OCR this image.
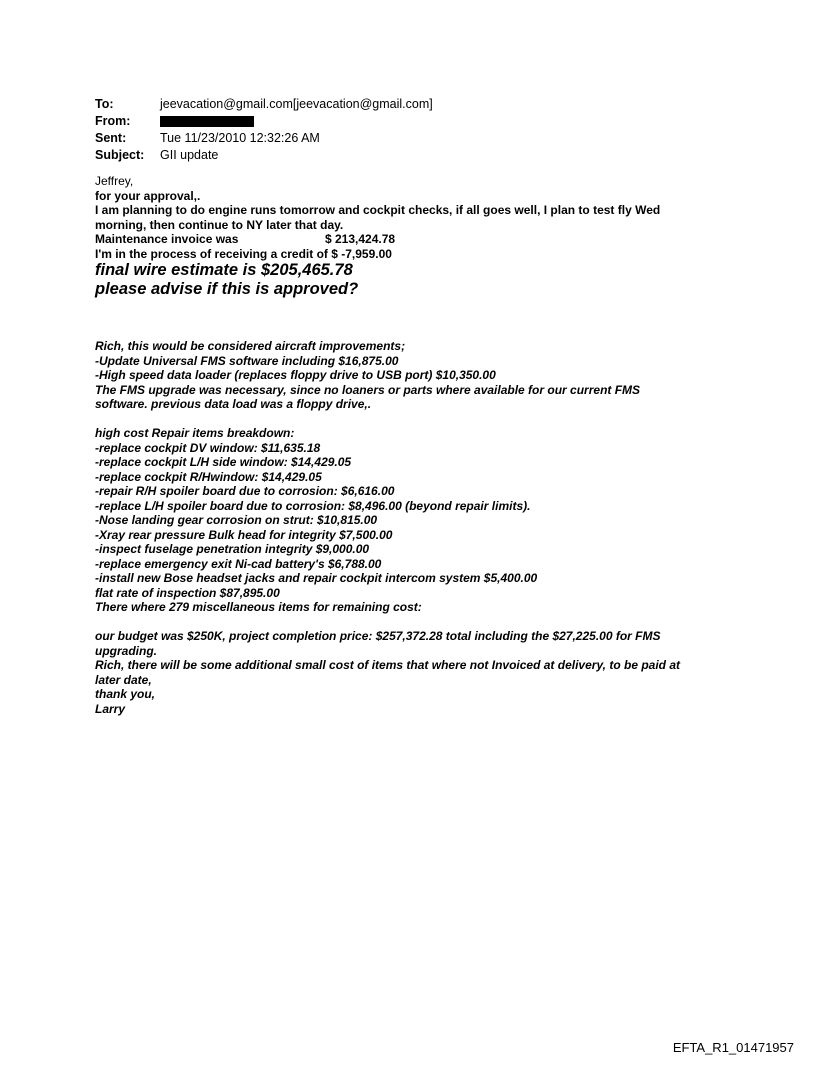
To:	jeevacation@gmail.com[jeevacation@gmail.com]
From:
Sent:	Tue 11/23/2010 12:32:26 AM
Subject:	GII update
Jeffrey,
for your approval,.
I am planning to do engine runs tomorrow and cockpit checks, if all goes well, I plan to test fly Wed
morning, then continue to NY later that day.
Maintenance invoice was	$ 213,424.78
I'm in the process of receiving a credit of $ -7,959.00
final wire estimate is $205,465.78
please advise if this is approved?
Rich, this would be considered aircraft improvements;
-Update Universal FMS software including $16,875.00
-High speed data loader (replaces floppy drive to USB port) $10,350.00
The FMS upgrade was necessary, since no loaners or parts where available for our current FMS
software. previous data load was a floppy drive,.
high cost Repair items breakdown:
-replace cockpit DV window: $11,635.18
-replace cockpit L/H side window: $14,429.05
-replace cockpit R/Hwindow: $14,429.05
-repair R/H spoiler board due to corrosion: $6,616.00
-replace L/H spoiler board due to corrosion: $8,496.00 (beyond repair limits).
-Nose landing gear corrosion on strut: $10,815.00
-Xray rear pressure Bulk head for integrity $7,500.00
-inspect fuselage penetration integrity $9,000.00
-replace emergency exit Ni-cad battery's $6,788.00
-install new Bose headset jacks and repair cockpit intercom system $5,400.00
flat rate of inspection $87,895.00
There where 279 miscellaneous items for remaining cost:
our budget was $250K, project completion price: $257,372.28 total including the $27,225.00 for FMS
upgrading.
Rich, there will be some additional small cost of items that where not Invoiced at delivery, to be paid at
later date,
thank you,
Larry
EFTA_R1_01471957
